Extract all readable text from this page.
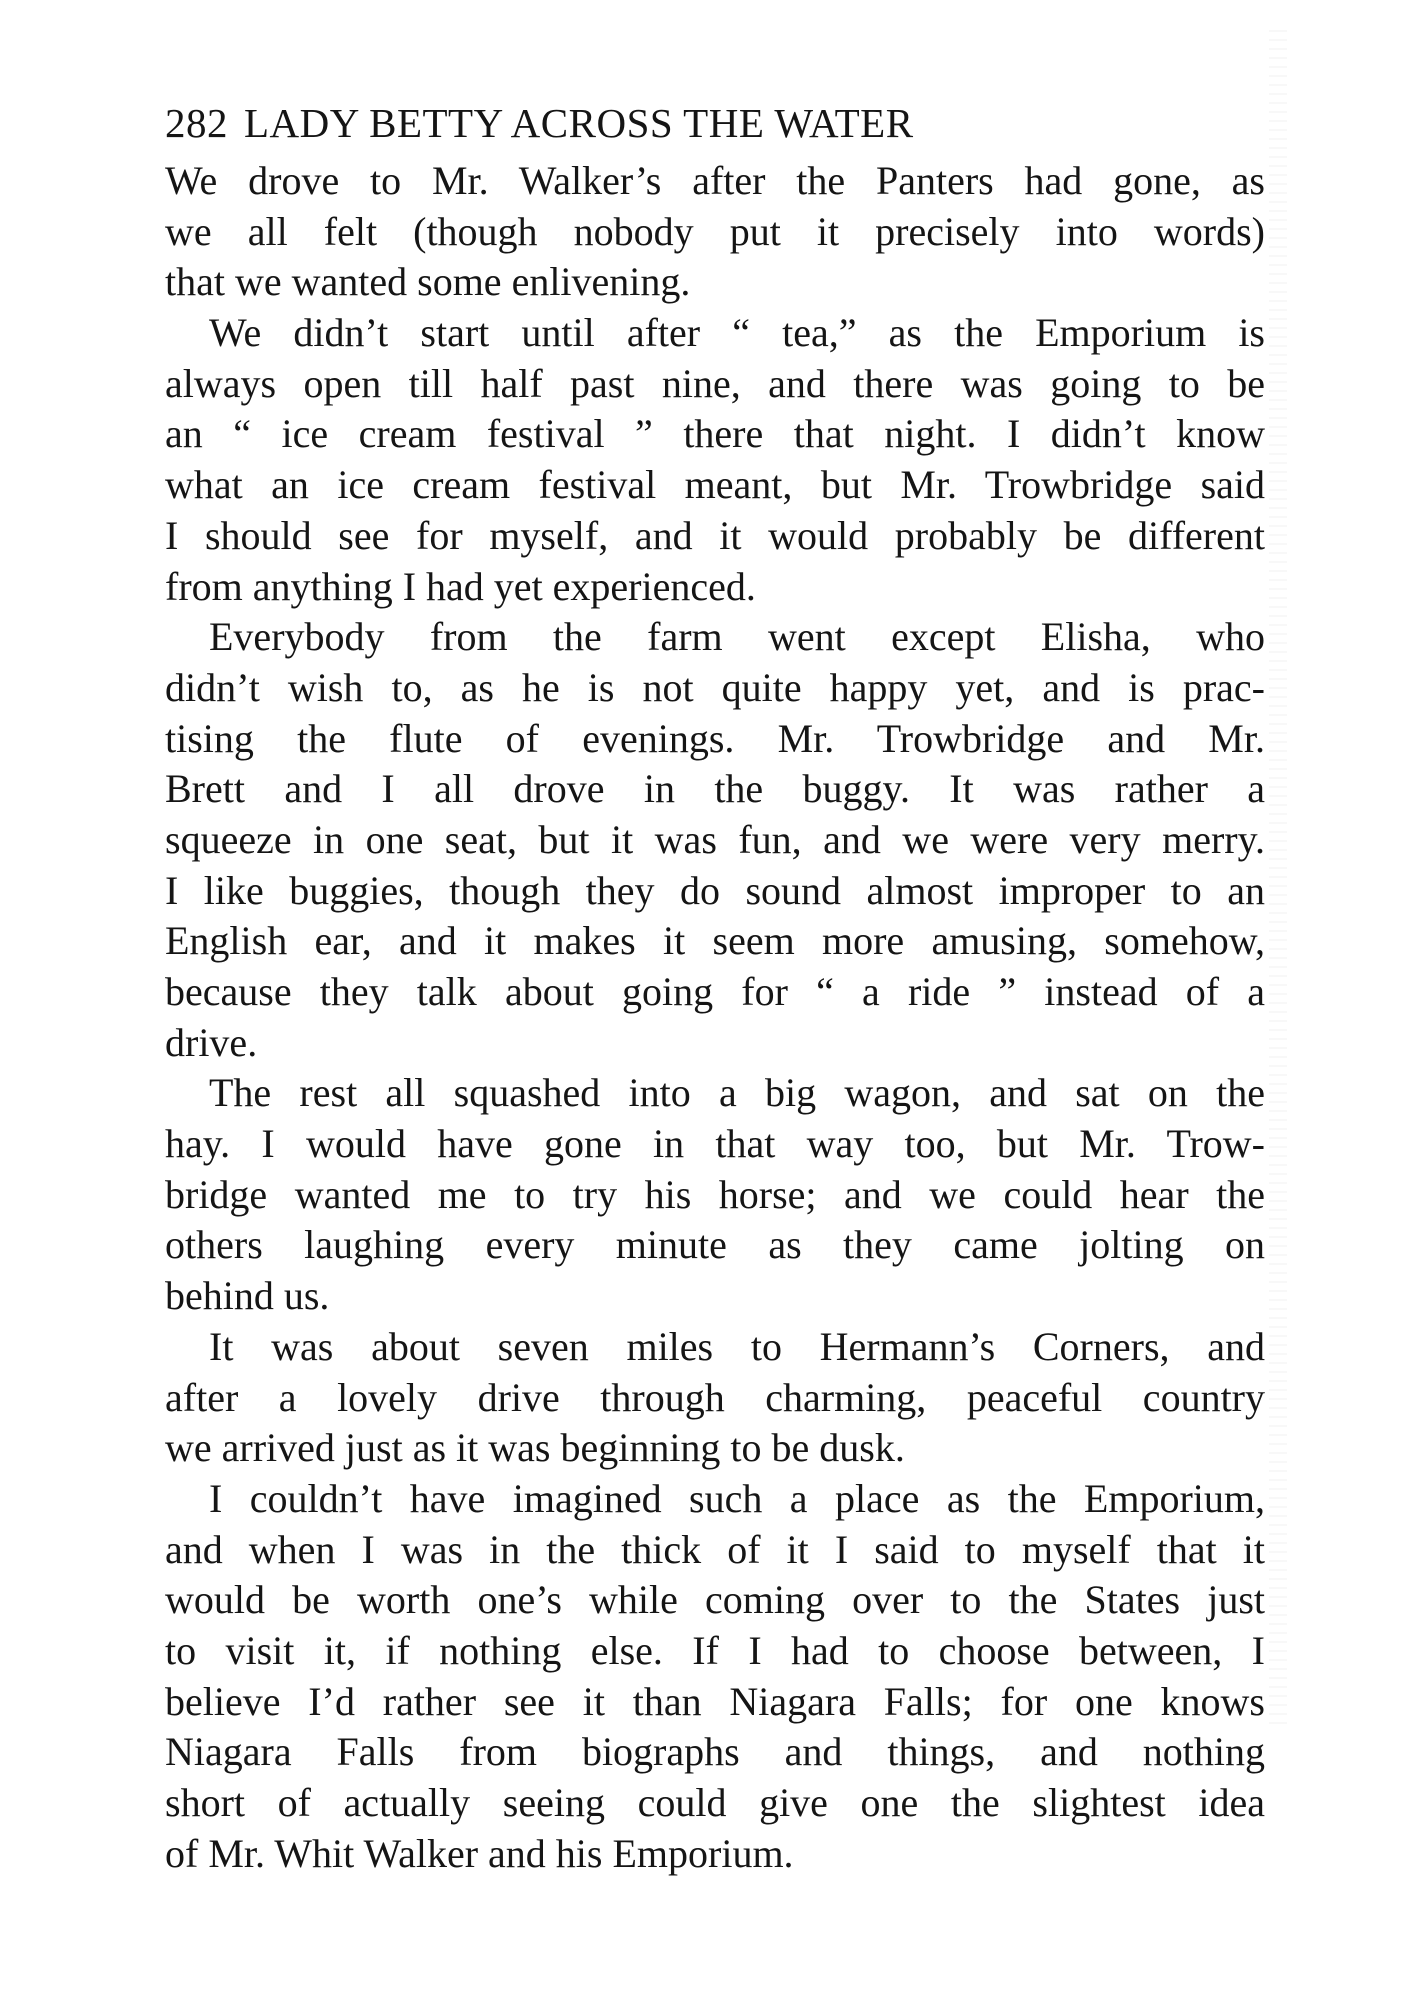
282 LADY BETTY ACROSS THE WATER
We drove to Mr. Walker’s after the Panters had gone, as
we all felt (though nobody put it precisely into words)
that we wanted some enlivening.
We didn’t start until after “ tea,” as the Emporium is
always open till half past nine, and there was going to be
an “ ice cream festival ” there that night. I didn’t know
what an ice cream festival meant, but Mr. Trowbridge said
I should see for myself, and it would probably be different
from anything I had yet experienced.
Everybody from the farm went except Elisha, who
didn’t wish to, as he is not quite happy yet, and is prac-
tising the flute of evenings. Mr. Trowbridge and Mr.
Brett and I all drove in the buggy. It was rather a
squeeze in one seat, but it was fun, and we were very merry.
I like buggies, though they do sound almost improper to an
English ear, and it makes it seem more amusing, somehow,
because they talk about going for “ a ride ” instead of a
drive.
The rest all squashed into a big wagon, and sat on the
hay. I would have gone in that way too, but Mr. Trow-
bridge wanted me to try his horse; and we could hear the
others laughing every minute as they came jolting on
behind us.
It was about seven miles to Hermann’s Corners, and
after a lovely drive through charming, peaceful country
we arrived just as it was beginning to be dusk.
I couldn’t have imagined such a place as the Emporium,
and when I was in the thick of it I said to myself that it
would be worth one’s while coming over to the States just
to visit it, if nothing else. If I had to choose between, I
believe I’d rather see it than Niagara Falls; for one knows
Niagara Falls from biographs and things, and nothing
short of actually seeing could give one the slightest idea
of Mr. Whit Walker and his Emporium.
